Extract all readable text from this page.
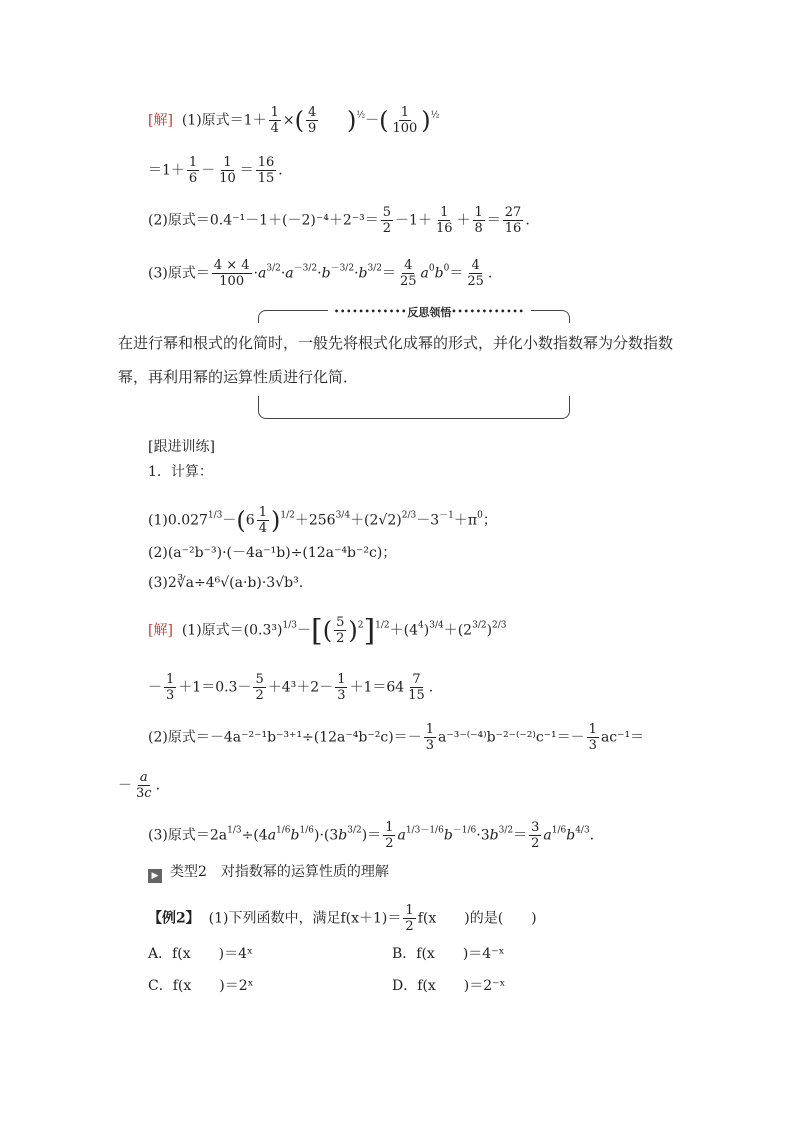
[解] (1)原式$=1+ \frac{1}{4}$ ×( $\frac{4}{9} )^{\frac{1}{2}}-( \frac{1}{100} )^{\frac{1}{2}}$
$=1+ \frac{1}{6} - \frac{1}{10} = \frac{16}{15}$ .
(2)原式$=0.4^{-1}-1+(-2)^{-4}+2^{-3}= \frac{5}{2} -1+ \frac{1}{16} + \frac{1}{8} = \frac{27}{16}$ .
(3)原式＝ $\frac{4 \times 4}{100} \cdot a^{3/2}\cdot a^{-3/2}\cdot b^{-3/2}\cdot b^{3/2}= \frac{4}{25} a^0b^0= \frac{4}{25}$ .
••••••••••••反思领悟••••••••••••
在进行幂和根式的化简时，一般先将根式化成幂的形式，并化小数指数幂为分数指数幂，再利用幂的运算性质进行化简．
[跟进训练]
1．计算：
$(1)0.027^{1/3}-(6 \frac{1}{4} )^{1/2}+256^{3/4}+(2√2)^{2/3}-3^{-1}+\pi^0$；
(2)(a⁻²b⁻³)·(－4a⁻¹b)÷(12a⁻⁴b⁻²c)；
(3)2∛a÷4⁶√(a·b)·3√b³.
[解] (1)原式$=(0.3^3)^{1/3}-[( \frac{5}{2} )^2]^{1/2}+(4^4)^{3/4}+(2^{3/2})^{2/3}$
－ $\frac{1}{3} +1=0.3- \frac{5}{2} +4^3+2- \frac{1}{3} +1=64 \frac{7}{15}$ .
(2)原式$=-4a^{-2-1}b^{-3+1}\div(12a^{-4}b^{-2}c)=- \frac{1}{3} a^{-3-(-4)}b^{-2-(-2)}c^{-1}=- \frac{1}{3} ac^{-1}=$
－ $\frac{a}{3c}$ .
(3)原式$=2a^{1/3}\div(4a^{1/6}b^{1/6})\cdot(3b^{3/2})= \frac{1}{2} a^{1/3-1/6}b^{-1/6}\cdot 3b^{3/2}= \frac{3}{2} a^{1/6}b^{4/3}$.
▶ 类型2　对指数幂的运算性质的理解
【例2】 (1)下列函数中，满足$f(x+1)= \frac{1}{2} f(x$　　)的是(　　)
A．f(x　　)＝4ˣ	B．f(x　　)＝4⁻ˣ
C．f(x　　)＝2ˣ	D．f(x　　)＝2⁻ˣ
